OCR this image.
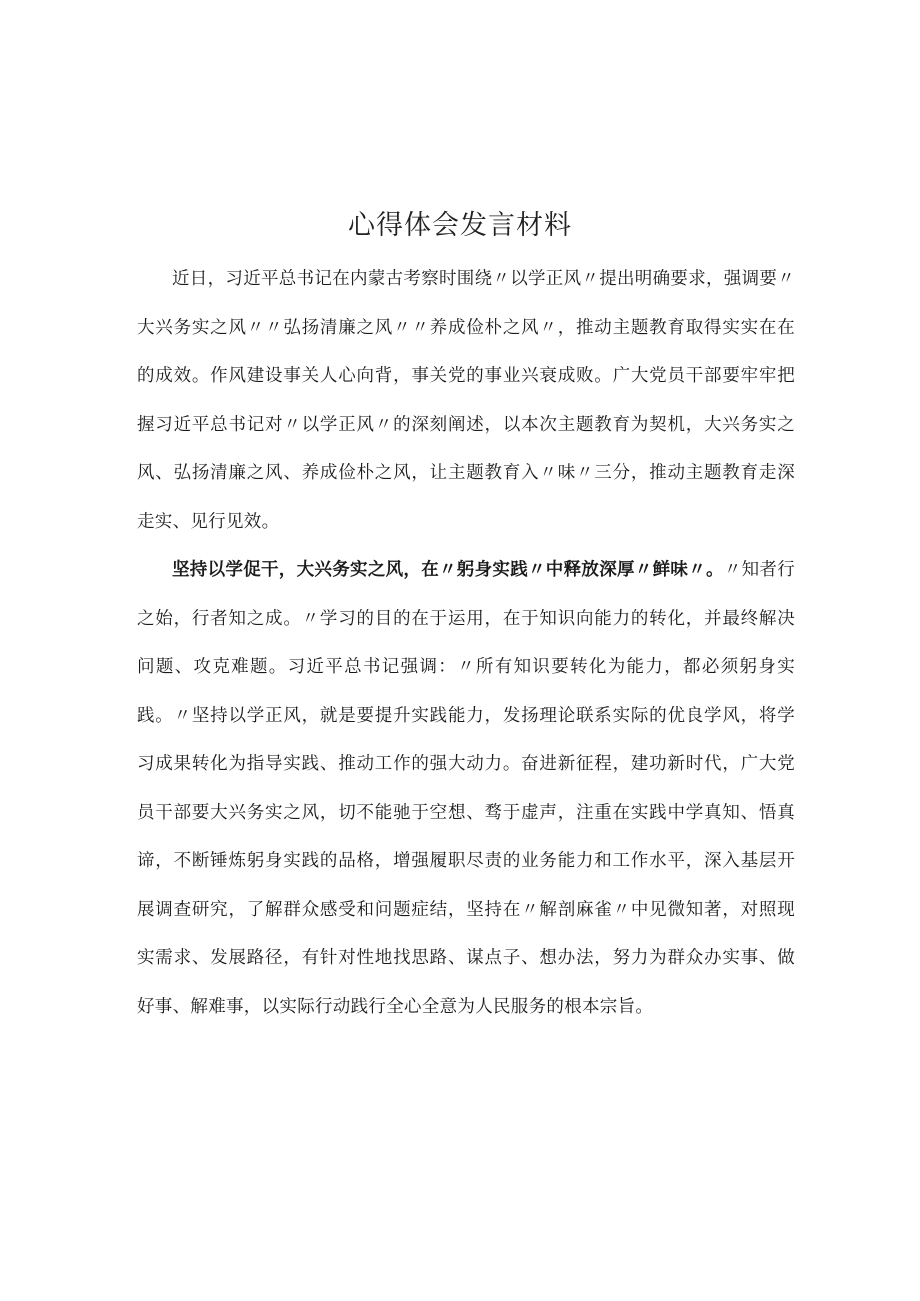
心得体会发言材料

近日，习近平总书记在内蒙古考察时围绕〃以学正风〃提出明确要求，强调要〃大兴务实之风〃〃弘扬清廉之风〃〃养成俭朴之风〃，推动主题教育取得实实在在的成效。作风建设事关人心向背，事关党的事业兴衰成败。广大党员干部要牢牢把握习近平总书记对〃以学正风〃的深刻阐述，以本次主题教育为契机，大兴务实之风、弘扬清廉之风、养成俭朴之风，让主题教育入〃味〃三分，推动主题教育走深走实、见行见效。

坚持以学促干，大兴务实之风，在〃躬身实践〃中释放深厚〃鲜味〃。〃知者行之始，行者知之成。〃学习的目的在于运用，在于知识向能力的转化，并最终解决问题、攻克难题。习近平总书记强调：〃所有知识要转化为能力，都必须躬身实践。〃坚持以学正风，就是要提升实践能力，发扬理论联系实际的优良学风，将学习成果转化为指导实践、推动工作的强大动力。奋进新征程，建功新时代，广大党员干部要大兴务实之风，切不能驰于空想、骛于虚声，注重在实践中学真知、悟真谛，不断锤炼躬身实践的品格，增强履职尽责的业务能力和工作水平，深入基层开展调查研究，了解群众感受和问题症结，坚持在〃解剖麻雀〃中见微知著，对照现实需求、发展路径，有针对性地找思路、谋点子、想办法，努力为群众办实事、做好事、解难事，以实际行动践行全心全意为人民服务的根本宗旨。
